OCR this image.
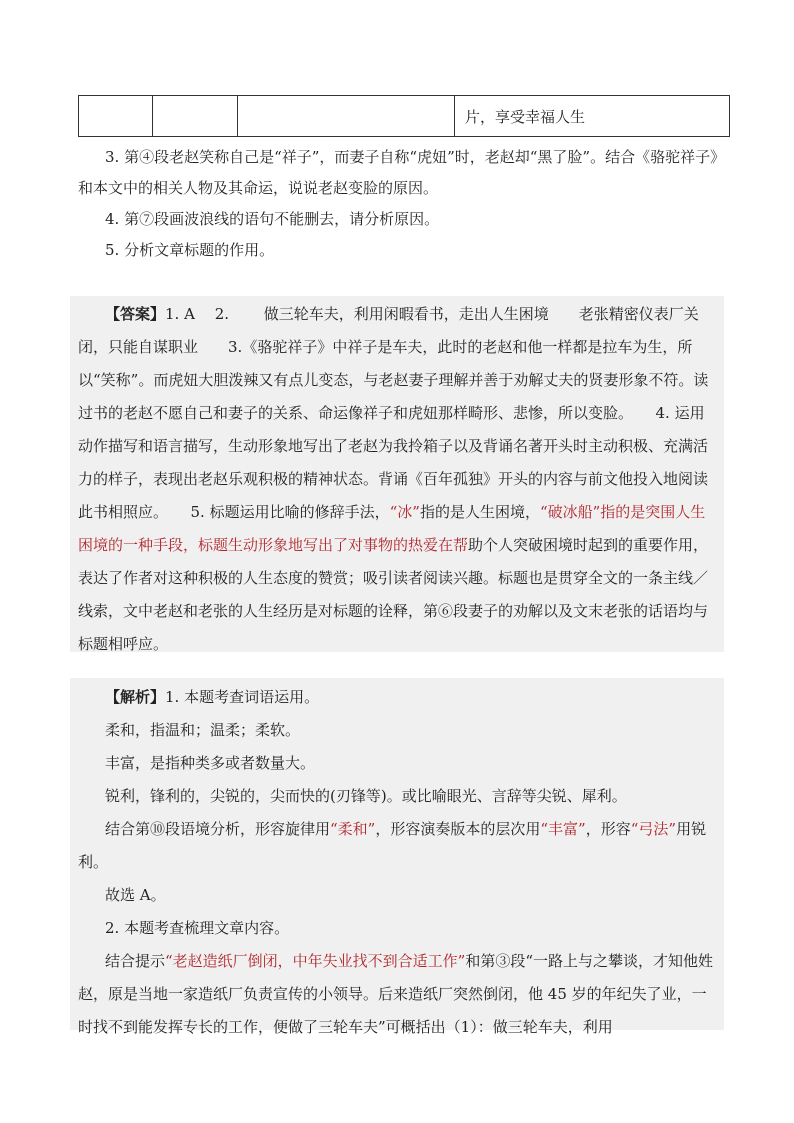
			片，享受幸福人生

3. 第④段老赵笑称自己是“祥子”，而妻子自称“虎妞”时，老赵却“黑了脸”。结合《骆驼祥子》和本文中的相关人物及其命运，说说老赵变脸的原因。

4. 第⑦段画波浪线的语句不能删去，请分析原因。

5. 分析文章标题的作用。

【答案】1. A　 2.　　 做三轮车夫，利用闲暇看书，走出人生困境　　老张精密仪表厂关闭，只能自谋职业　　3.《骆驼祥子》中祥子是车夫，此时的老赵和他一样都是拉车为生，所以“笑称”。而虎妞大胆泼辣又有点儿变态，与老赵妻子理解并善于劝解丈夫的贤妻形象不符。读过书的老赵不愿自己和妻子的关系、命运像祥子和虎妞那样畸形、悲惨，所以变脸。　　4. 运用动作描写和语言描写，生动形象地写出了老赵为我拎箱子以及背诵名著开头时主动积极、充满活力的样子，表现出老赵乐观积极的精神状态。背诵《百年孤独》开头的内容与前文他投入地阅读此书相照应。　　5. 标题运用比喻的修辞手法，“冰”指的是人生困境，“破冰船”指的是突围人生困境的一种手段，标题生动形象地写出了对事物的热爱在帮助个人突破困境时起到的重要作用，表达了作者对这种积极的人生态度的赞赏；吸引读者阅读兴趣。标题也是贯穿全文的一条主线／线索，文中老赵和老张的人生经历是对标题的诠释，第⑥段妻子的劝解以及文末老张的话语均与标题相呼应。

【解析】1. 本题考查词语运用。

柔和，指温和；温柔；柔软。

丰富，是指种类多或者数量大。

锐利，锋利的，尖锐的，尖而快的(刃锋等)。或比喻眼光、言辞等尖锐、犀利。

结合第⑩段语境分析，形容旋律用“柔和”，形容演奏版本的层次用“丰富”，形容“弓法”用锐利。

故选 A。

2. 本题考查梳理文章内容。

结合提示“老赵造纸厂倒闭，中年失业找不到合适工作”和第③段“一路上与之攀谈，才知他姓赵，原是当地一家造纸厂负责宣传的小领导。后来造纸厂突然倒闭，他 45 岁的年纪失了业，一时找不到能发挥专长的工作，便做了三轮车夫”可概括出（1）：做三轮车夫，利用
